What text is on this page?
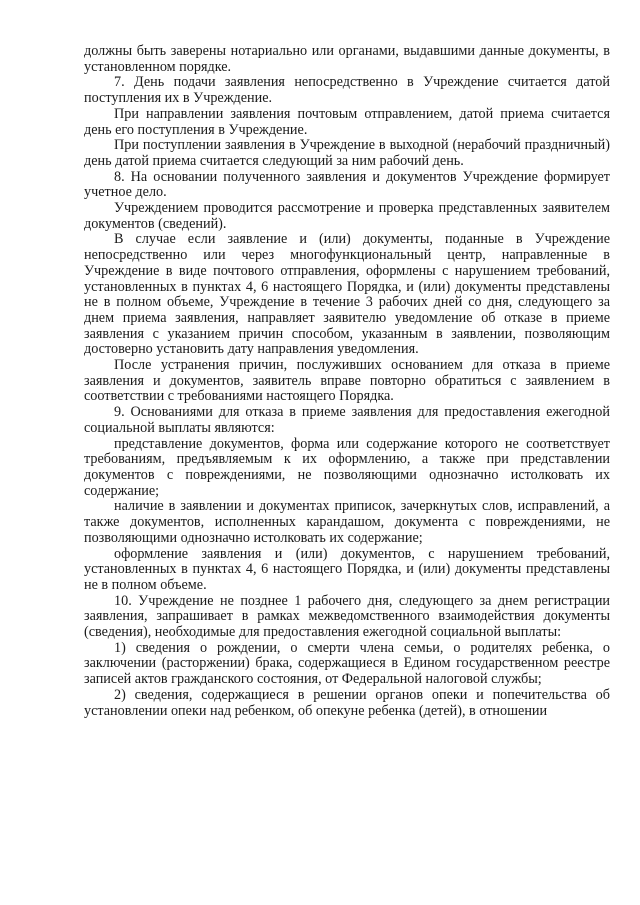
должны быть заверены нотариально или органами, выдавшими данные документы, в установленном порядке.

7. День подачи заявления непосредственно в Учреждение считается датой поступления их в Учреждение.

При направлении заявления почтовым отправлением, датой приема считается день его поступления в Учреждение.

При поступлении заявления в Учреждение в выходной (нерабочий праздничный) день датой приема считается следующий за ним рабочий день.

8. На основании полученного заявления и документов Учреждение формирует учетное дело.

Учреждением проводится рассмотрение и проверка представленных заявителем документов (сведений).

В случае если заявление и (или) документы, поданные в Учреждение непосредственно или через многофункциональный центр, направленные в Учреждение в виде почтового отправления, оформлены с нарушением требований, установленных в пунктах 4, 6 настоящего Порядка, и (или) документы представлены не в полном объеме, Учреждение в течение 3 рабочих дней со дня, следующего за днем приема заявления, направляет заявителю уведомление об отказе в приеме заявления с указанием причин способом, указанным в заявлении, позволяющим достоверно установить дату направления уведомления.

После устранения причин, послуживших основанием для отказа в приеме заявления и документов, заявитель вправе повторно обратиться с заявлением в соответствии с требованиями настоящего Порядка.

9. Основаниями для отказа в приеме заявления для предоставления ежегодной социальной выплаты являются:

представление документов, форма или содержание которого не соответствует требованиям, предъявляемым к их оформлению, а также при представлении документов с повреждениями, не позволяющими однозначно истолковать их содержание;

наличие в заявлении и документах приписок, зачеркнутых слов, исправлений, а также документов, исполненных карандашом, документа с повреждениями, не позволяющими однозначно истолковать их содержание;

оформление заявления и (или) документов, с нарушением требований, установленных в пунктах 4, 6 настоящего Порядка, и (или) документы представлены не в полном объеме.

10. Учреждение не позднее 1 рабочего дня, следующего за днем регистрации заявления, запрашивает в рамках межведомственного взаимодействия документы (сведения), необходимые для предоставления ежегодной социальной выплаты:

1) сведения о рождении, о смерти члена семьи, о родителях ребенка, о заключении (расторжении) брака, содержащиеся в Едином государственном реестре записей актов гражданского состояния, от Федеральной налоговой службы;

2) сведения, содержащиеся в решении органов опеки и попечительства об установлении опеки над ребенком, об опекуне ребенка (детей), в отношении
